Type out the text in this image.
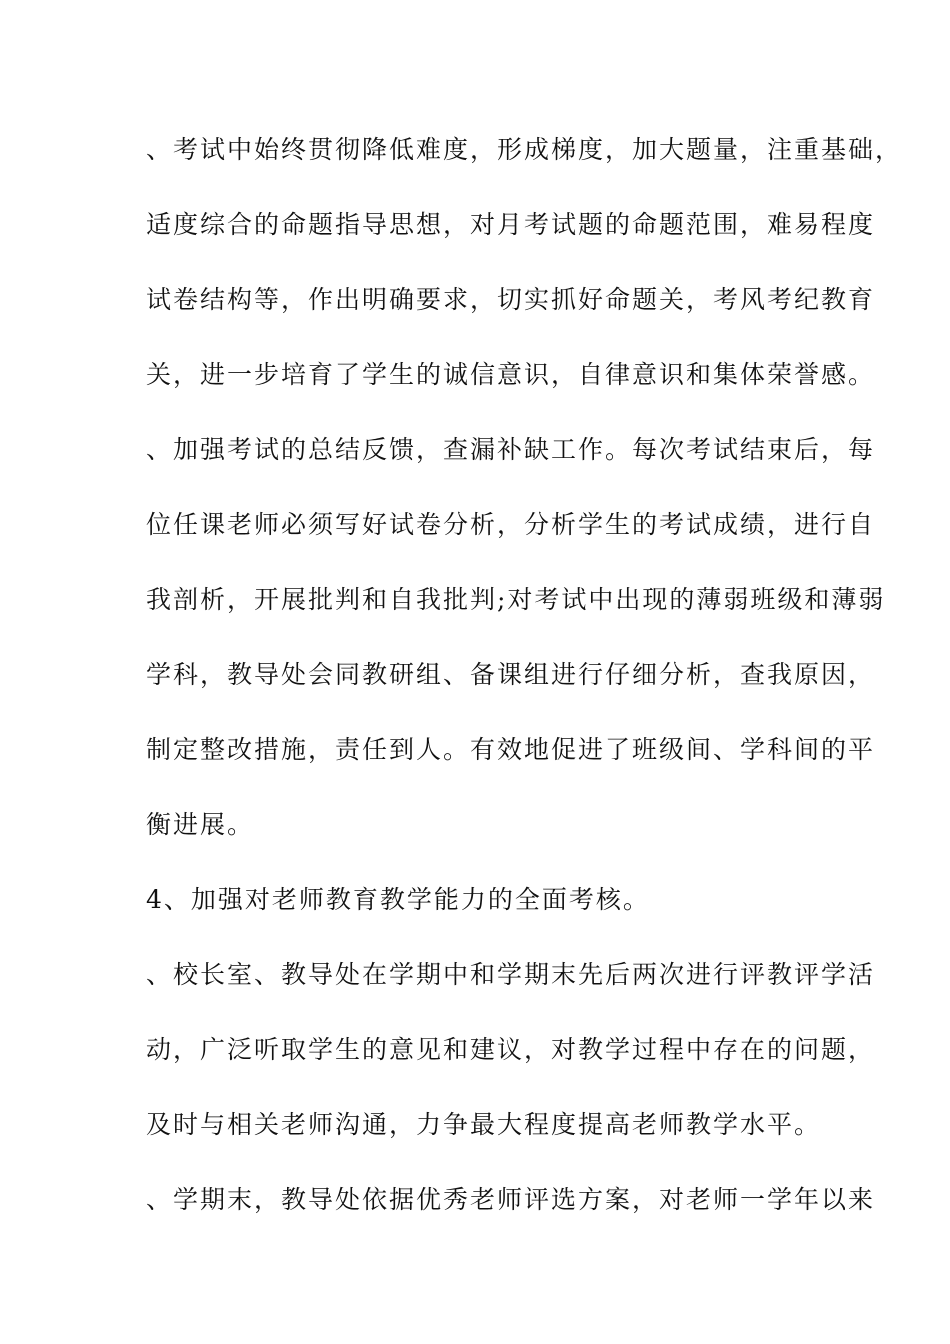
、考试中始终贯彻降低难度，形成梯度，加大题量，注重基础，
适度综合的命题指导思想，对月考试题的命题范围，难易程度
试卷结构等，作出明确要求，切实抓好命题关，考风考纪教育
关，进一步培育了学生的诚信意识，自律意识和集体荣誉感。
、加强考试的总结反馈，查漏补缺工作。每次考试结束后，每
位任课老师必须写好试卷分析，分析学生的考试成绩，进行自
我剖析，开展批判和自我批判;对考试中出现的薄弱班级和薄弱
学科，教导处会同教研组、备课组进行仔细分析，查我原因，
制定整改措施，责任到人。有效地促进了班级间、学科间的平
衡进展。
4、加强对老师教育教学能力的全面考核。
、校长室、教导处在学期中和学期末先后两次进行评教评学活
动，广泛听取学生的意见和建议，对教学过程中存在的问题，
及时与相关老师沟通，力争最大程度提高老师教学水平。
、学期末，教导处依据优秀老师评选方案，对老师一学年以来
